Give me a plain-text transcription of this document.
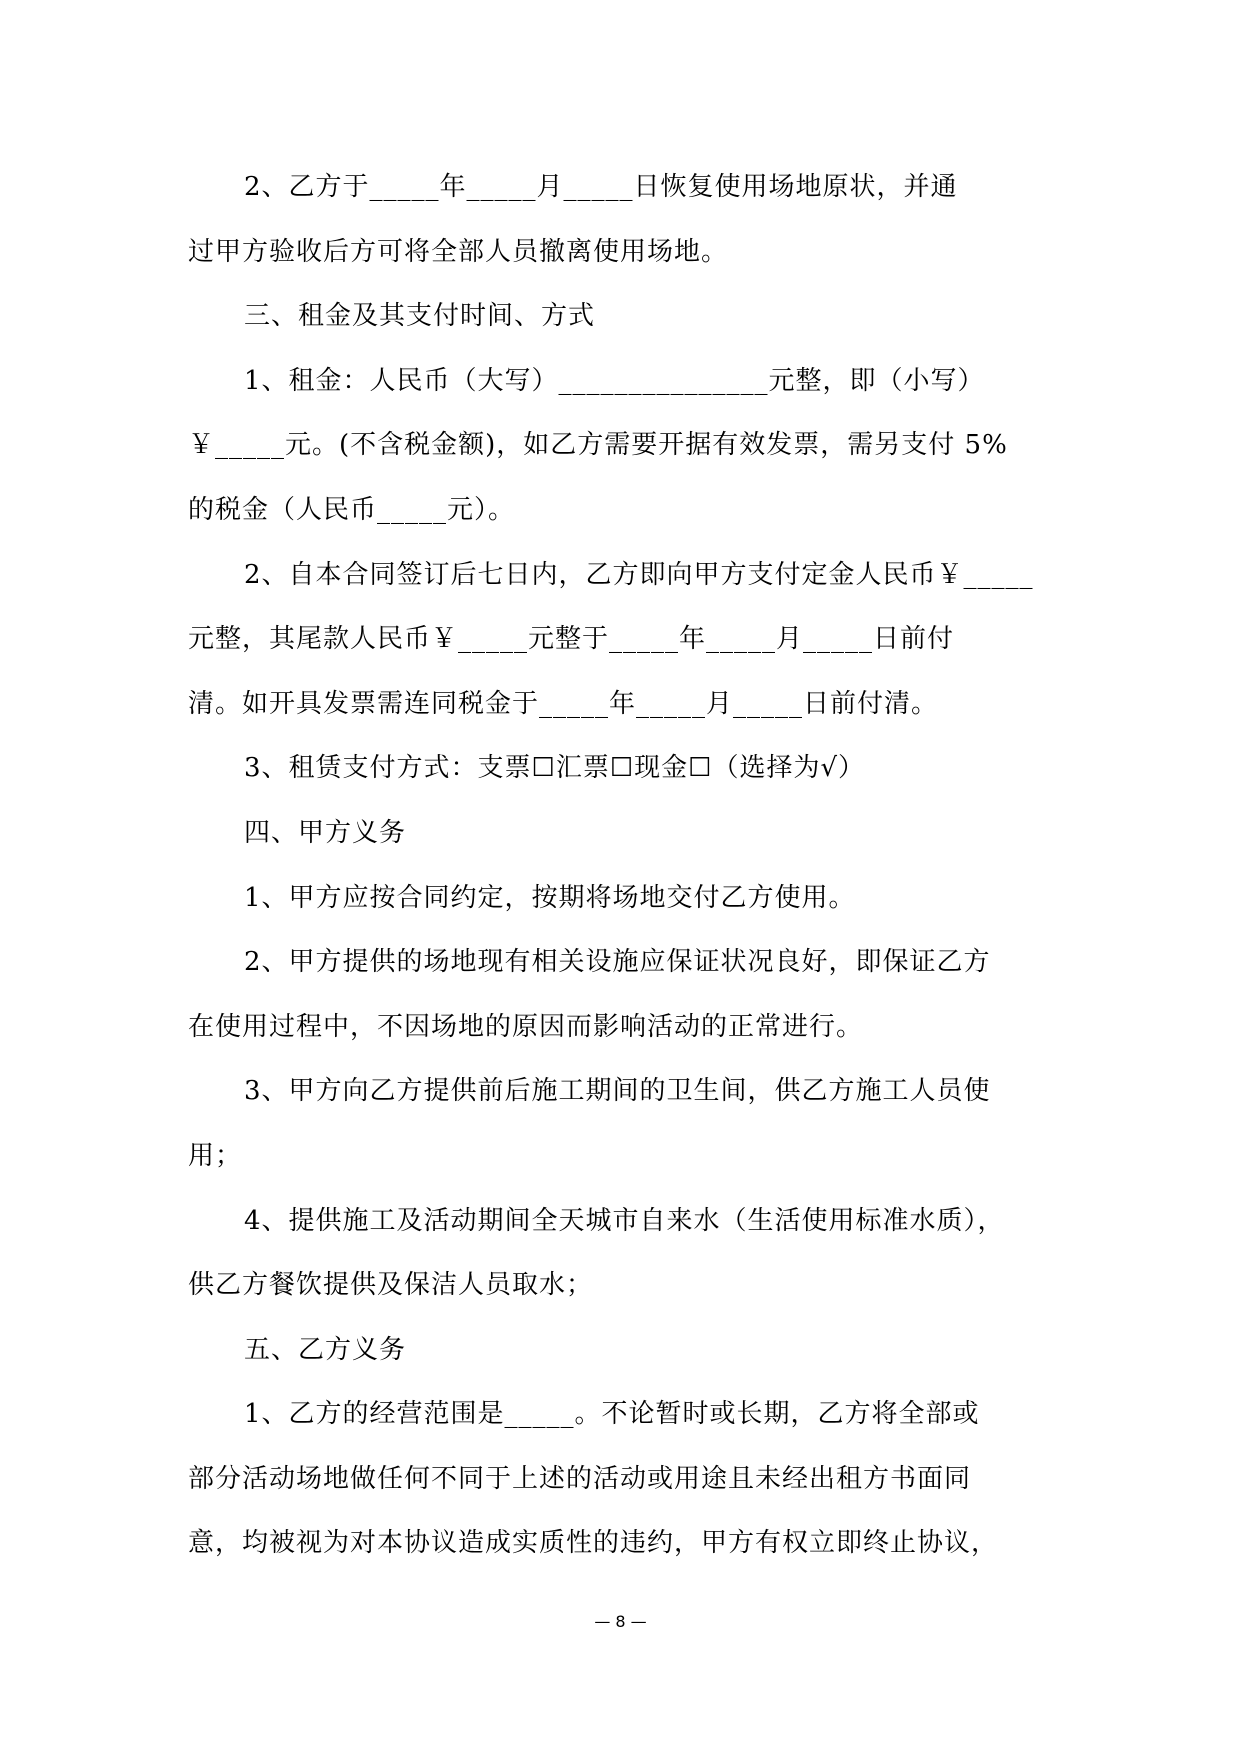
2、乙方于_____年_____月_____日恢复使用场地原状，并通
过甲方验收后方可将全部人员撤离使用场地。
三、租金及其支付时间、方式
1、租金：人民币（大写）_______________元整，即（小写）
￥_____元。(不含税金额)，如乙方需要开据有效发票，需另支付 5%
的税金（人民币_____元）。
2、自本合同签订后七日内，乙方即向甲方支付定金人民币￥_____
元整，其尾款人民币￥_____元整于_____年_____月_____日前付
清。如开具发票需连同税金于_____年_____月_____日前付清。
3、租赁支付方式：支票☐汇票☐现金☐（选择为√）
四、甲方义务
1、甲方应按合同约定，按期将场地交付乙方使用。
2、甲方提供的场地现有相关设施应保证状况良好，即保证乙方
在使用过程中，不因场地的原因而影响活动的正常进行。
3、甲方向乙方提供前后施工期间的卫生间，供乙方施工人员使
用；
4、提供施工及活动期间全天城市自来水（生活使用标准水质），
供乙方餐饮提供及保洁人员取水；
五、乙方义务
1、乙方的经营范围是_____。不论暂时或长期，乙方将全部或
部分活动场地做任何不同于上述的活动或用途且未经出租方书面同
意，均被视为对本协议造成实质性的违约，甲方有权立即终止协议，
— 8 —
